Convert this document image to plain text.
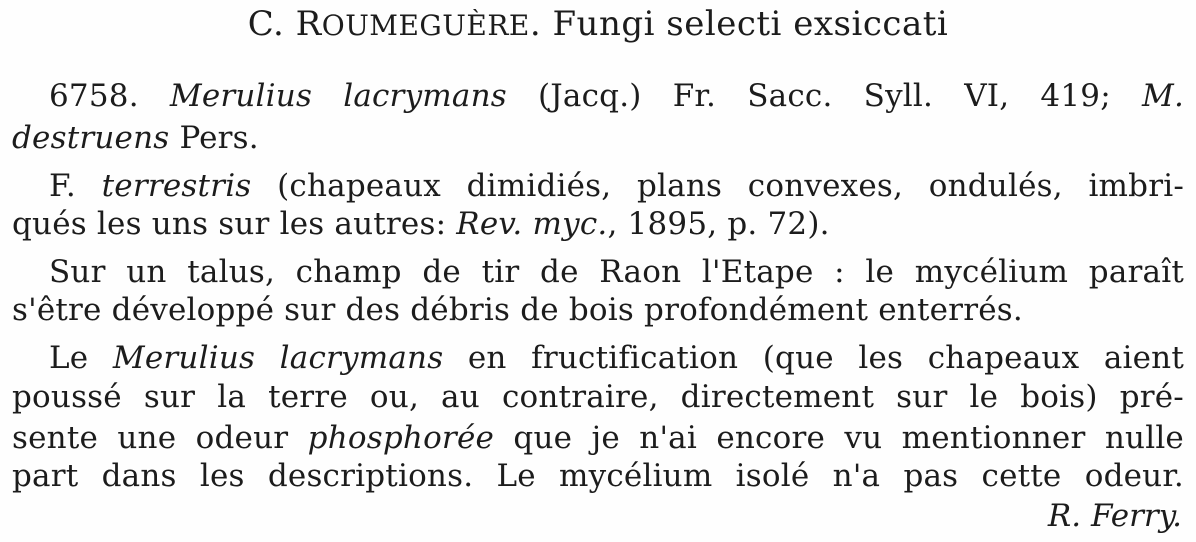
C. ROUMEGUÈRE. Fungi selecti exsiccati
6758. Merulius lacrymans (Jacq.) Fr. Sacc. Syll. VI, 419; M.
destruens Pers.
F. terrestris (chapeaux dimidiés, plans convexes, ondulés, imbri-
qués les uns sur les autres: Rev. myc., 1895, p. 72).
Sur un talus, champ de tir de Raon l'Etape : le mycélium paraît
s'être développé sur des débris de bois profondément enterrés.
Le Merulius lacrymans en fructification (que les chapeaux aient
poussé sur la terre ou, au contraire, directement sur le bois) pré-
sente une odeur phosphorée que je n'ai encore vu mentionner nulle
part dans les descriptions. Le mycélium isolé n'a pas cette odeur.
R. Ferry.
